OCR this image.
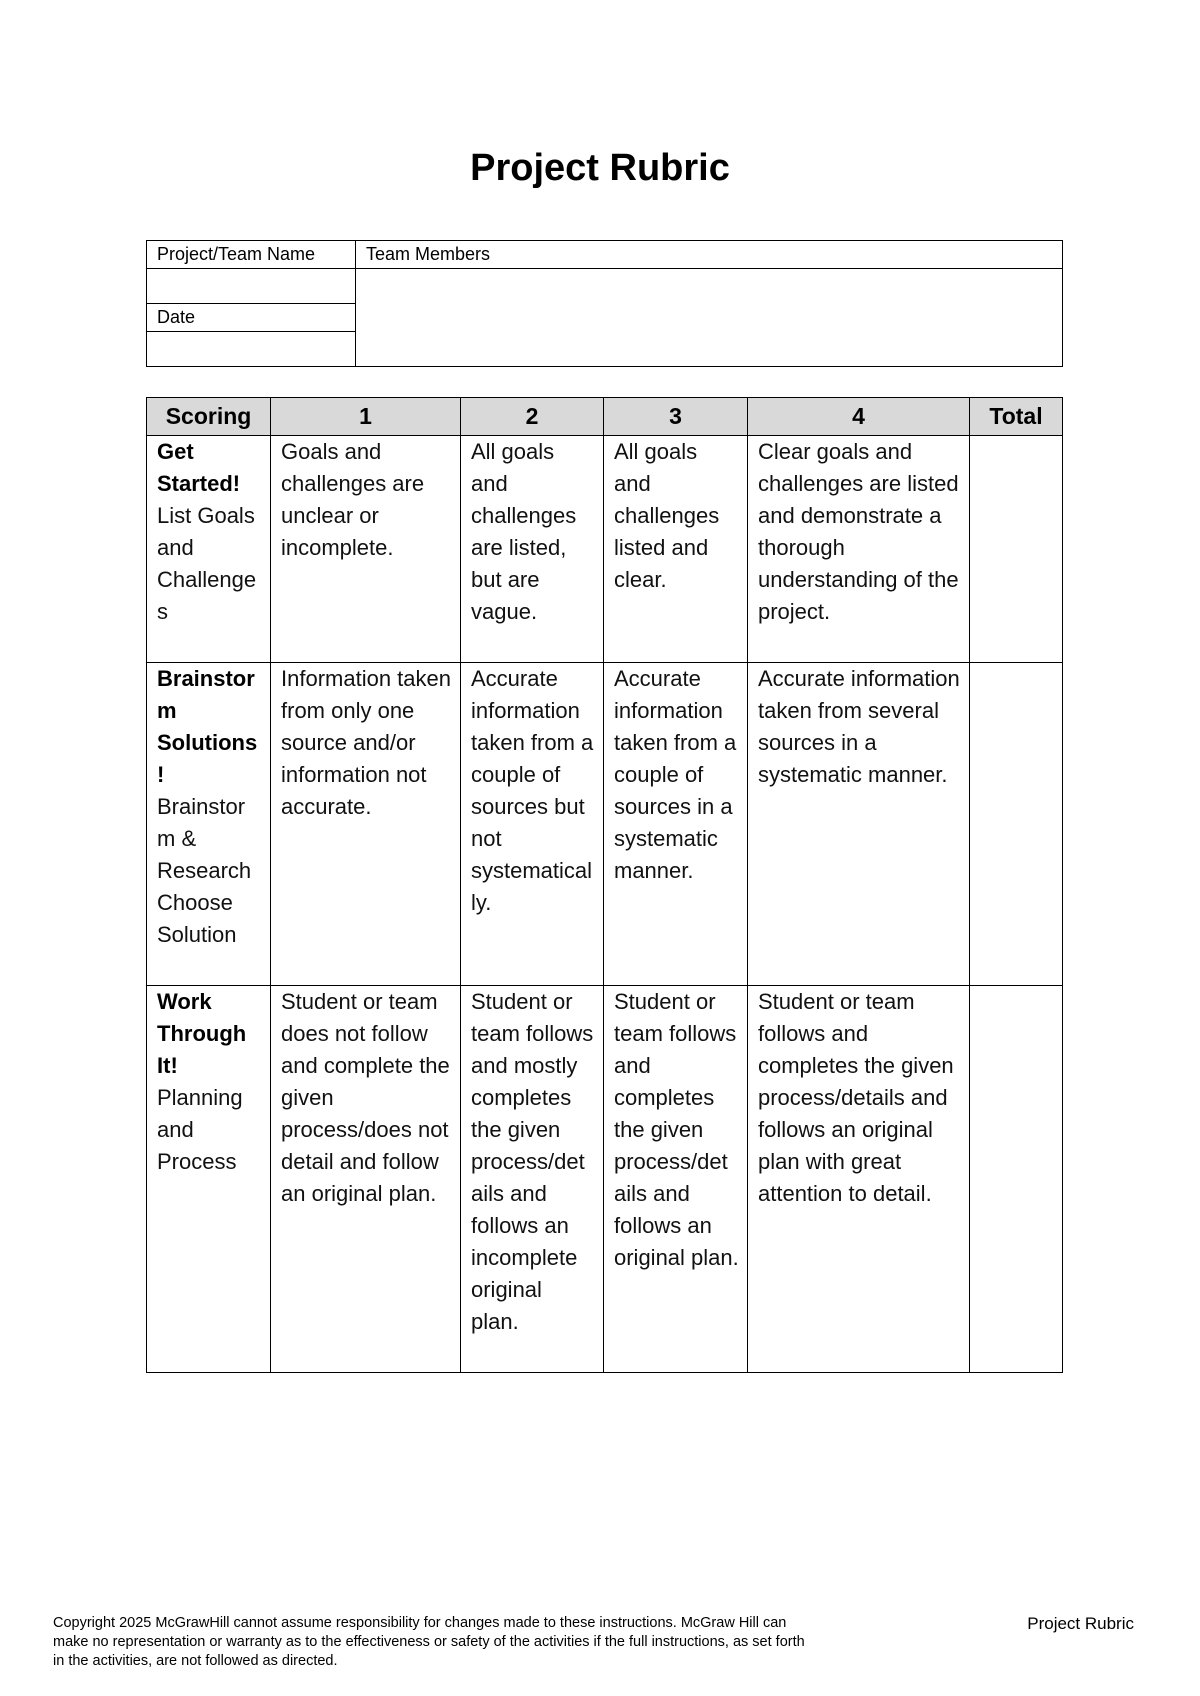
Project Rubric
Project/Team Name	Team Members

Date	

Scoring	1	2	3	4	Total

Get Started!
List Goals and Challenges	Goals and challenges are unclear or incomplete.	All goals and challenges are listed, but are vague.	All goals and challenges listed and clear.	Clear goals and challenges are listed and demonstrate a thorough understanding of the project.	

Brainstorm Solutions!
Brainstorm & Research
Choose Solution	Information taken from only one source and/or information not accurate.	Accurate information taken from a couple of sources but not systematically.	Accurate information taken from a couple of sources in a systematic manner.	Accurate information taken from several sources in a systematic manner.	

Work Through It!
Planning and Process	Student or team does not follow and complete the given process/does not detail and follow an original plan.	Student or team follows and mostly completes the given process/details and follows an incomplete original plan.	Student or team follows and completes the given process/details and follows an original plan.	Student or team follows and completes the given process/details and follows an original plan with great attention to detail.	
Copyright 2025 McGrawHill cannot assume responsibility for changes made to these instructions. McGraw Hill can make no representation or warranty as to the effectiveness or safety of the activities if the full instructions, as set forth in the activities, are not followed as directed.
Project Rubric
